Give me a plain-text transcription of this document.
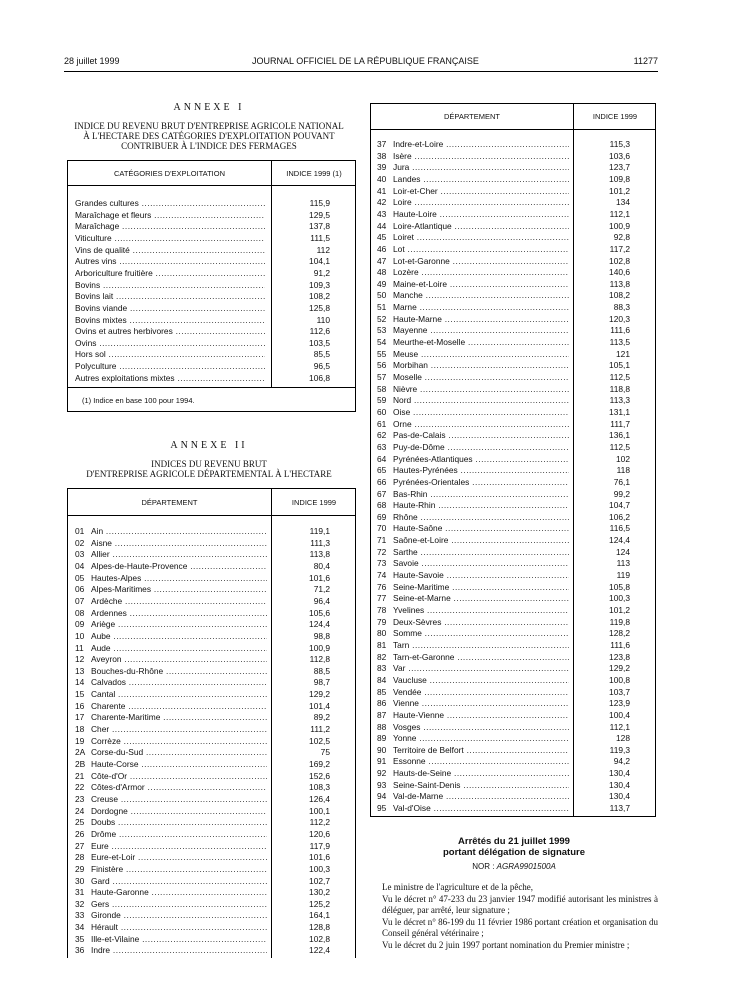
28 juillet 1999	JOURNAL OFFICIEL DE LA RÉPUBLIQUE FRANÇAISE	11277
ANNEXE I
INDICE DU REVENU BRUT D'ENTREPRISE AGRICOLE NATIONAL
À L'HECTARE DES CATÉGORIES D'EXPLOITATION POUVANT
CONTRIBUER À L'INDICE DES FERMAGES
CATÉGORIES D'EXPLOITATION	INDICE 1999 (1)
Grandes cultures .....	115,9
Maraîchage et fleurs .....	129,5
Maraîchage .....	137,8
Viticulture .....	111,5
Vins de qualité .....	112
Autres vins .....	104,1
Arboriculture fruitière .....	91,2
Bovins .....	109,3
Bovins lait .....	108,2
Bovins viande .....	125,8
Bovins mixtes .....	110
Ovins et autres herbivores .....	112,6
Ovins .....	103,5
Hors sol .....	85,5
Polyculture .....	96,5
Autres exploitations mixtes .....	106,8
(1) Indice en base 100 pour 1994.
ANNEXE II
INDICES DU REVENU BRUT
D'ENTREPRISE AGRICOLE DÉPARTEMENTAL À L'HECTARE
DÉPARTEMENT	INDICE 1999
01 Ain .....	119,1
02 Aisne .....	111,3
03 Allier .....	113,8
04 Alpes-de-Haute-Provence .....	80,4
05 Hautes-Alpes .....	101,6
06 Alpes-Maritimes .....	71,2
07 Ardèche .....	96,4
08 Ardennes .....	105,6
09 Ariège .....	124,4
10 Aube .....	98,8
11 Aude .....	100,9
12 Aveyron .....	112,8
13 Bouches-du-Rhône .....	88,5
14 Calvados .....	98,7
15 Cantal .....	129,2
16 Charente .....	101,4
17 Charente-Maritime .....	89,2
18 Cher .....	111,2
19 Corrèze .....	102,5
2A Corse-du-Sud .....	75
2B Haute-Corse .....	169,2
21 Côte-d'Or .....	152,6
22 Côtes-d'Armor .....	108,3
23 Creuse .....	126,4
24 Dordogne .....	100,1
25 Doubs .....	112,2
26 Drôme .....	120,6
27 Eure .....	117,9
28 Eure-et-Loir .....	101,6
29 Finistère .....	100,3
30 Gard .....	102,7
31 Haute-Garonne .....	130,2
32 Gers .....	125,2
33 Gironde .....	164,1
34 Hérault .....	128,8
35 Ille-et-Vilaine .....	102,8
36 Indre .....	122,4
DÉPARTEMENT	INDICE 1999
37 Indre-et-Loire .....	115,3
38 Isère .....	103,6
39 Jura .....	123,7
40 Landes .....	109,8
41 Loir-et-Cher .....	101,2
42 Loire .....	134
43 Haute-Loire .....	112,1
44 Loire-Atlantique .....	100,9
45 Loiret .....	92,8
46 Lot .....	117,2
47 Lot-et-Garonne .....	102,8
48 Lozère .....	140,6
49 Maine-et-Loire .....	113,8
50 Manche .....	108,2
51 Marne .....	88,3
52 Haute-Marne .....	120,3
53 Mayenne .....	111,6
54 Meurthe-et-Moselle .....	113,5
55 Meuse .....	121
56 Morbihan .....	105,1
57 Moselle .....	112,5
58 Nièvre .....	118,8
59 Nord .....	113,3
60 Oise .....	131,1
61 Orne .....	111,7
62 Pas-de-Calais .....	136,1
63 Puy-de-Dôme .....	112,5
64 Pyrénées-Atlantiques .....	102
65 Hautes-Pyrénées .....	118
66 Pyrénées-Orientales .....	76,1
67 Bas-Rhin .....	99,2
68 Haute-Rhin .....	104,7
69 Rhône .....	106,2
70 Haute-Saône .....	116,5
71 Saône-et-Loire .....	124,4
72 Sarthe .....	124
73 Savoie .....	113
74 Haute-Savoie .....	119
76 Seine-Maritime .....	105,8
77 Seine-et-Marne .....	100,3
78 Yvelines .....	101,2
79 Deux-Sèvres .....	119,8
80 Somme .....	128,2
81 Tarn .....	111,6
82 Tarn-et-Garonne .....	123,8
83 Var .....	129,2
84 Vaucluse .....	100,8
85 Vendée .....	103,7
86 Vienne .....	123,9
87 Haute-Vienne .....	100,4
88 Vosges .....	112,1
89 Yonne .....	128
90 Territoire de Belfort .....	119,3
91 Essonne .....	94,2
92 Hauts-de-Seine .....	130,4
93 Seine-Saint-Denis .....	130,4
94 Val-de-Marne .....	130,4
95 Val-d'Oise .....	113,7
Arrêtés du 21 juillet 1999
portant délégation de signature
NOR : AGRA9901500A
Le ministre de l'agriculture et de la pêche,
Vu le décret n° 47-233 du 23 janvier 1947 modifié autorisant les ministres à déléguer, par arrêté, leur signature ;
Vu le décret n° 86-199 du 11 février 1986 portant création et organisation du Conseil général vétérinaire ;
Vu le décret du 2 juin 1997 portant nomination du Premier ministre ;
